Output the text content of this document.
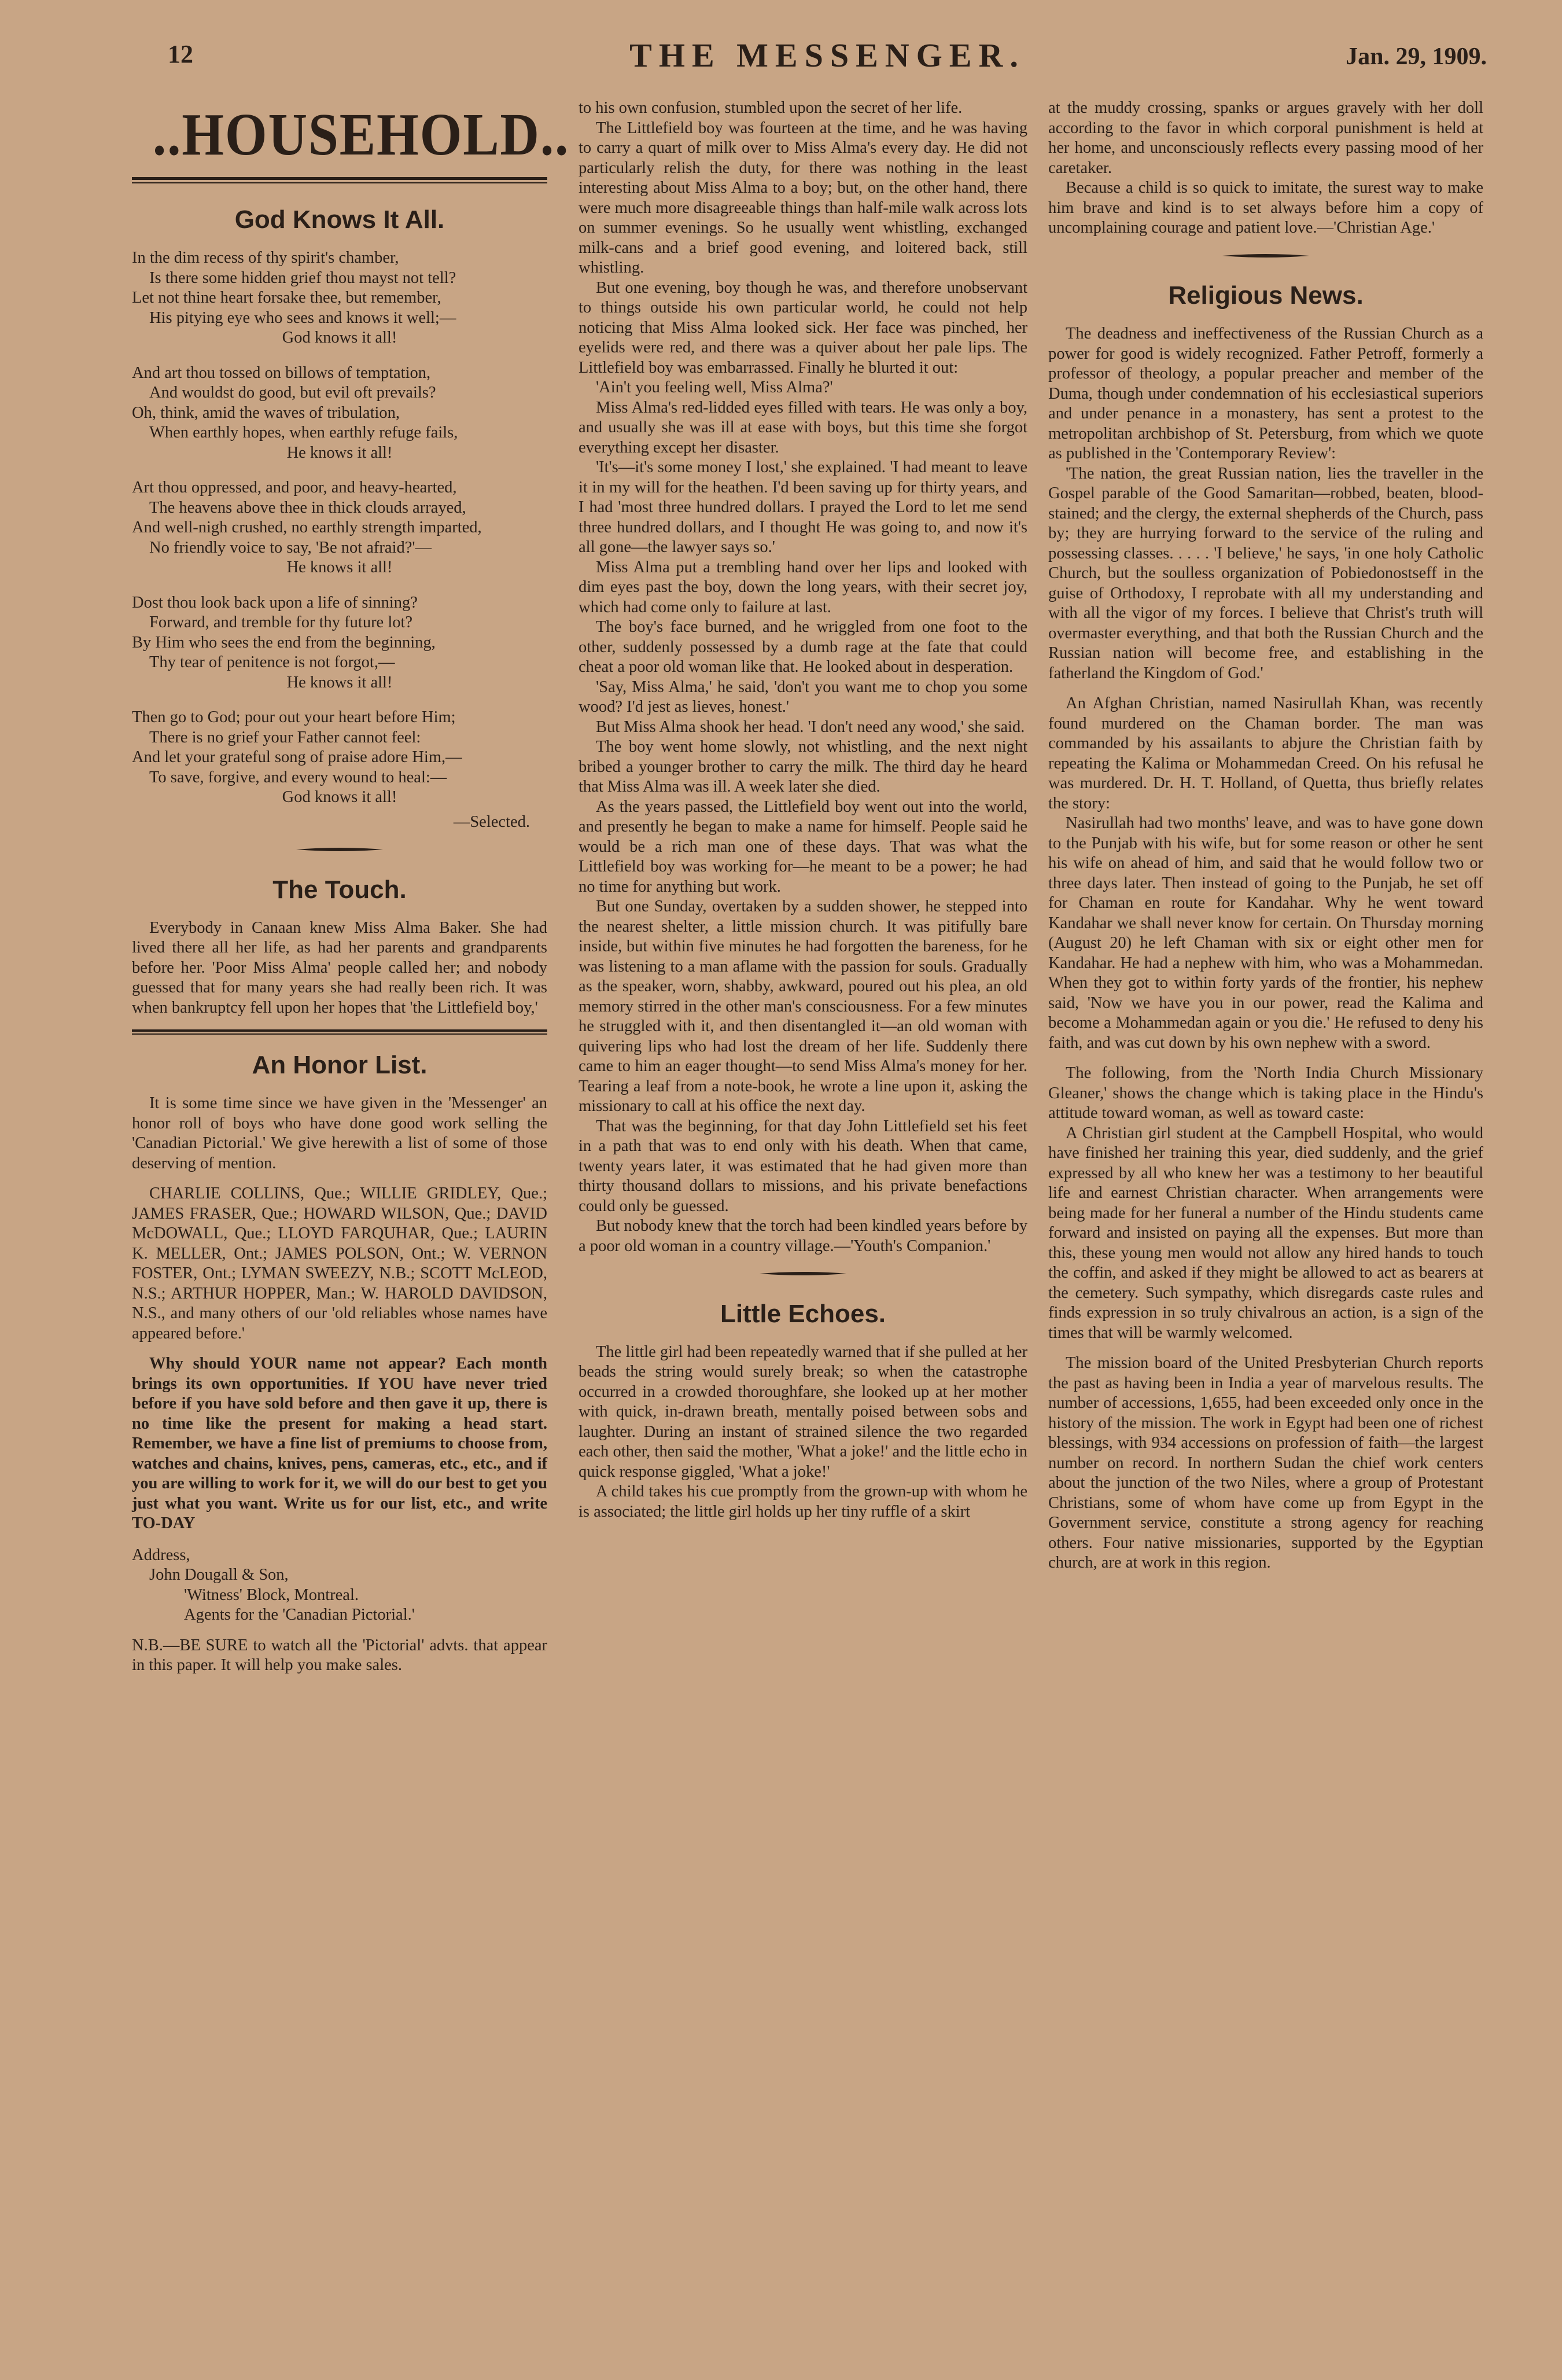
12	THE MESSENGER.	Jan. 29, 1909.
..HOUSEHOLD..
God Knows It All.
In the dim recess of thy spirit's chamber,
Is there some hidden grief thou mayst not tell?
Let not thine heart forsake thee, but remember,
His pitying eye who sees and knows it well;—
God knows it all!
And art thou tossed on billows of temptation,
And wouldst do good, but evil oft prevails?
Oh, think, amid the waves of tribulation,
When earthly hopes, when earthly refuge fails,
He knows it all!
Art thou oppressed, and poor, and heavy-hearted,
The heavens above thee in thick clouds arrayed,
And well-nigh crushed, no earthly strength imparted,
No friendly voice to say, 'Be not afraid?'—
He knows it all!
Dost thou look back upon a life of sinning?
Forward, and tremble for thy future lot?
By Him who sees the end from the beginning,
Thy tear of penitence is not forgot,—
He knows it all!
Then go to God; pour out your heart before Him;
There is no grief your Father cannot feel:
And let your grateful song of praise adore Him,—
To save, forgive, and every wound to heal:—
God knows it all!
—Selected.
The Touch.

Everybody in Canaan knew Miss Alma Baker. She had lived there all her life, as had her parents and grandparents before her. 'Poor Miss Alma' people called her; and nobody guessed that for many years she had really been rich. It was when bankruptcy fell upon her hopes that 'the Littlefield boy,'

An Honor List.

It is some time since we have given in the 'Messenger' an honor roll of boys who have done good work selling the 'Canadian Pictorial.' We give herewith a list of some of those deserving of mention.

CHARLIE COLLINS, Que.; WILLIE GRIDLEY, Que.; JAMES FRASER, Que.; HOWARD WILSON, Que.; DAVID McDOWALL, Que.; LLOYD FARQUHAR, Que.; LAURIN K. MELLER, Ont.; JAMES POLSON, Ont.; W. VERNON FOSTER, Ont.; LYMAN SWEEZY, N.B.; SCOTT McLEOD, N.S.; ARTHUR HOPPER, Man.; W. HAROLD DAVIDSON, N.S., and many others of our 'old reliables whose names have appeared before.'

Why should YOUR name not appear? Each month brings its own opportunities. If YOU have never tried before if you have sold before and then gave it up, there is no time like the present for making a head start. Remember, we have a fine list of premiums to choose from, watches and chains, knives, pens, cameras, etc., etc., and if you are willing to work for it, we will do our best to get you just what you want. Write us for our list, etc., and write TO-DAY

Address,
John Dougall & Son,
'Witness' Block, Montreal.
Agents for the 'Canadian Pictorial.'

N.B.—BE SURE to watch all the 'Pictorial' advts. that appear in this paper. It will help you make sales.

to his own confusion, stumbled upon the secret of her life.

The Littlefield boy was fourteen at the time, and he was having to carry a quart of milk over to Miss Alma's every day. He did not particularly relish the duty, for there was nothing in the least interesting about Miss Alma to a boy; but, on the other hand, there were much more disagreeable things than half-mile walk across lots on summer evenings. So he usually went whistling, exchanged milk-cans and a brief good evening, and loitered back, still whistling.

But one evening, boy though he was, and therefore unobservant to things outside his own particular world, he could not help noticing that Miss Alma looked sick. Her face was pinched, her eyelids were red, and there was a quiver about her pale lips. The Littlefield boy was embarrassed. Finally he blurted it out:

'Ain't you feeling well, Miss Alma?'

Miss Alma's red-lidded eyes filled with tears. He was only a boy, and usually she was ill at ease with boys, but this time she forgot everything except her disaster.

'It's—it's some money I lost,' she explained. 'I had meant to leave it in my will for the heathen. I'd been saving up for thirty years, and I had 'most three hundred dollars. I prayed the Lord to let me send three hundred dollars, and I thought He was going to, and now it's all gone—the lawyer says so.'

Miss Alma put a trembling hand over her lips and looked with dim eyes past the boy, down the long years, with their secret joy, which had come only to failure at last.

The boy's face burned, and he wriggled from one foot to the other, suddenly possessed by a dumb rage at the fate that could cheat a poor old woman like that. He looked about in desperation.

'Say, Miss Alma,' he said, 'don't you want me to chop you some wood? I'd jest as lieves, honest.'

But Miss Alma shook her head. 'I don't need any wood,' she said.

The boy went home slowly, not whistling, and the next night bribed a younger brother to carry the milk. The third day he heard that Miss Alma was ill. A week later she died.

As the years passed, the Littlefield boy went out into the world, and presently he began to make a name for himself. People said he would be a rich man one of these days. That was what the Littlefield boy was working for—he meant to be a power; he had no time for anything but work.

But one Sunday, overtaken by a sudden shower, he stepped into the nearest shelter, a little mission church. It was pitifully bare inside, but within five minutes he had forgotten the bareness, for he was listening to a man aflame with the passion for souls. Gradually as the speaker, worn, shabby, awkward, poured out his plea, an old memory stirred in the other man's consciousness. For a few minutes he struggled with it, and then disentangled it—an old woman with quivering lips who had lost the dream of her life. Suddenly there came to him an eager thought—to send Miss Alma's money for her. Tearing a leaf from a note-book, he wrote a line upon it, asking the missionary to call at his office the next day.

That was the beginning, for that day John Littlefield set his feet in a path that was to end only with his death. When that came, twenty years later, it was estimated that he had given more than thirty thousand dollars to missions, and his private benefactions could only be guessed.

But nobody knew that the torch had been kindled years before by a poor old woman in a country village.—'Youth's Companion.'

Little Echoes.

The little girl had been repeatedly warned that if she pulled at her beads the string would surely break; so when the catastrophe occurred in a crowded thoroughfare, she looked up at her mother with quick, in-drawn breath, mentally poised between sobs and laughter. During an instant of strained silence the two regarded each other, then said the mother, 'What a joke!' and the little echo in quick response giggled, 'What a joke!'

A child takes his cue promptly from the grown-up with whom he is associated; the little girl holds up her tiny ruffle of a skirt

at the muddy crossing, spanks or argues gravely with her doll according to the favor in which corporal punishment is held at her home, and unconsciously reflects every passing mood of her caretaker.

Because a child is so quick to imitate, the surest way to make him brave and kind is to set always before him a copy of uncomplaining courage and patient love.—'Christian Age.'

Religious News.

The deadness and ineffectiveness of the Russian Church as a power for good is widely recognized. Father Petroff, formerly a professor of theology, a popular preacher and member of the Duma, though under condemnation of his ecclesiastical superiors and under penance in a monastery, has sent a protest to the metropolitan archbishop of St. Petersburg, from which we quote as published in the 'Contemporary Review':

'The nation, the great Russian nation, lies the traveller in the Gospel parable of the Good Samaritan—robbed, beaten, blood-stained; and the clergy, the external shepherds of the Church, pass by; they are hurrying forward to the service of the ruling and possessing classes. . . . . 'I believe,' he says, 'in one holy Catholic Church, but the soulless organization of Pobiedonostseff in the guise of Orthodoxy, I reprobate with all my understanding and with all the vigor of my forces. I believe that Christ's truth will overmaster everything, and that both the Russian Church and the Russian nation will become free, and establishing in the fatherland the Kingdom of God.'

An Afghan Christian, named Nasirullah Khan, was recently found murdered on the Chaman border. The man was commanded by his assailants to abjure the Christian faith by repeating the Kalima or Mohammedan Creed. On his refusal he was murdered. Dr. H. T. Holland, of Quetta, thus briefly relates the story:

Nasirullah had two months' leave, and was to have gone down to the Punjab with his wife, but for some reason or other he sent his wife on ahead of him, and said that he would follow two or three days later. Then instead of going to the Punjab, he set off for Chaman en route for Kandahar. Why he went toward Kandahar we shall never know for certain. On Thursday morning (August 20) he left Chaman with six or eight other men for Kandahar. He had a nephew with him, who was a Mohammedan. When they got to within forty yards of the frontier, his nephew said, 'Now we have you in our power, read the Kalima and become a Mohammedan again or you die.' He refused to deny his faith, and was cut down by his own nephew with a sword.

The following, from the 'North India Church Missionary Gleaner,' shows the change which is taking place in the Hindu's attitude toward woman, as well as toward caste:

A Christian girl student at the Campbell Hospital, who would have finished her training this year, died suddenly, and the grief expressed by all who knew her was a testimony to her beautiful life and earnest Christian character. When arrangements were being made for her funeral a number of the Hindu students came forward and insisted on paying all the expenses. But more than this, these young men would not allow any hired hands to touch the coffin, and asked if they might be allowed to act as bearers at the cemetery. Such sympathy, which disregards caste rules and finds expression in so truly chivalrous an action, is a sign of the times that will be warmly welcomed.

The mission board of the United Presbyterian Church reports the past as having been in India a year of marvelous results. The number of accessions, 1,655, had been exceeded only once in the history of the mission. The work in Egypt had been one of richest blessings, with 934 accessions on profession of faith—the largest number on record. In northern Sudan the chief work centers about the junction of the two Niles, where a group of Protestant Christians, some of whom have come up from Egypt in the Government service, constitute a strong agency for reaching others. Four native missionaries, supported by the Egyptian church, are at work in this region.
